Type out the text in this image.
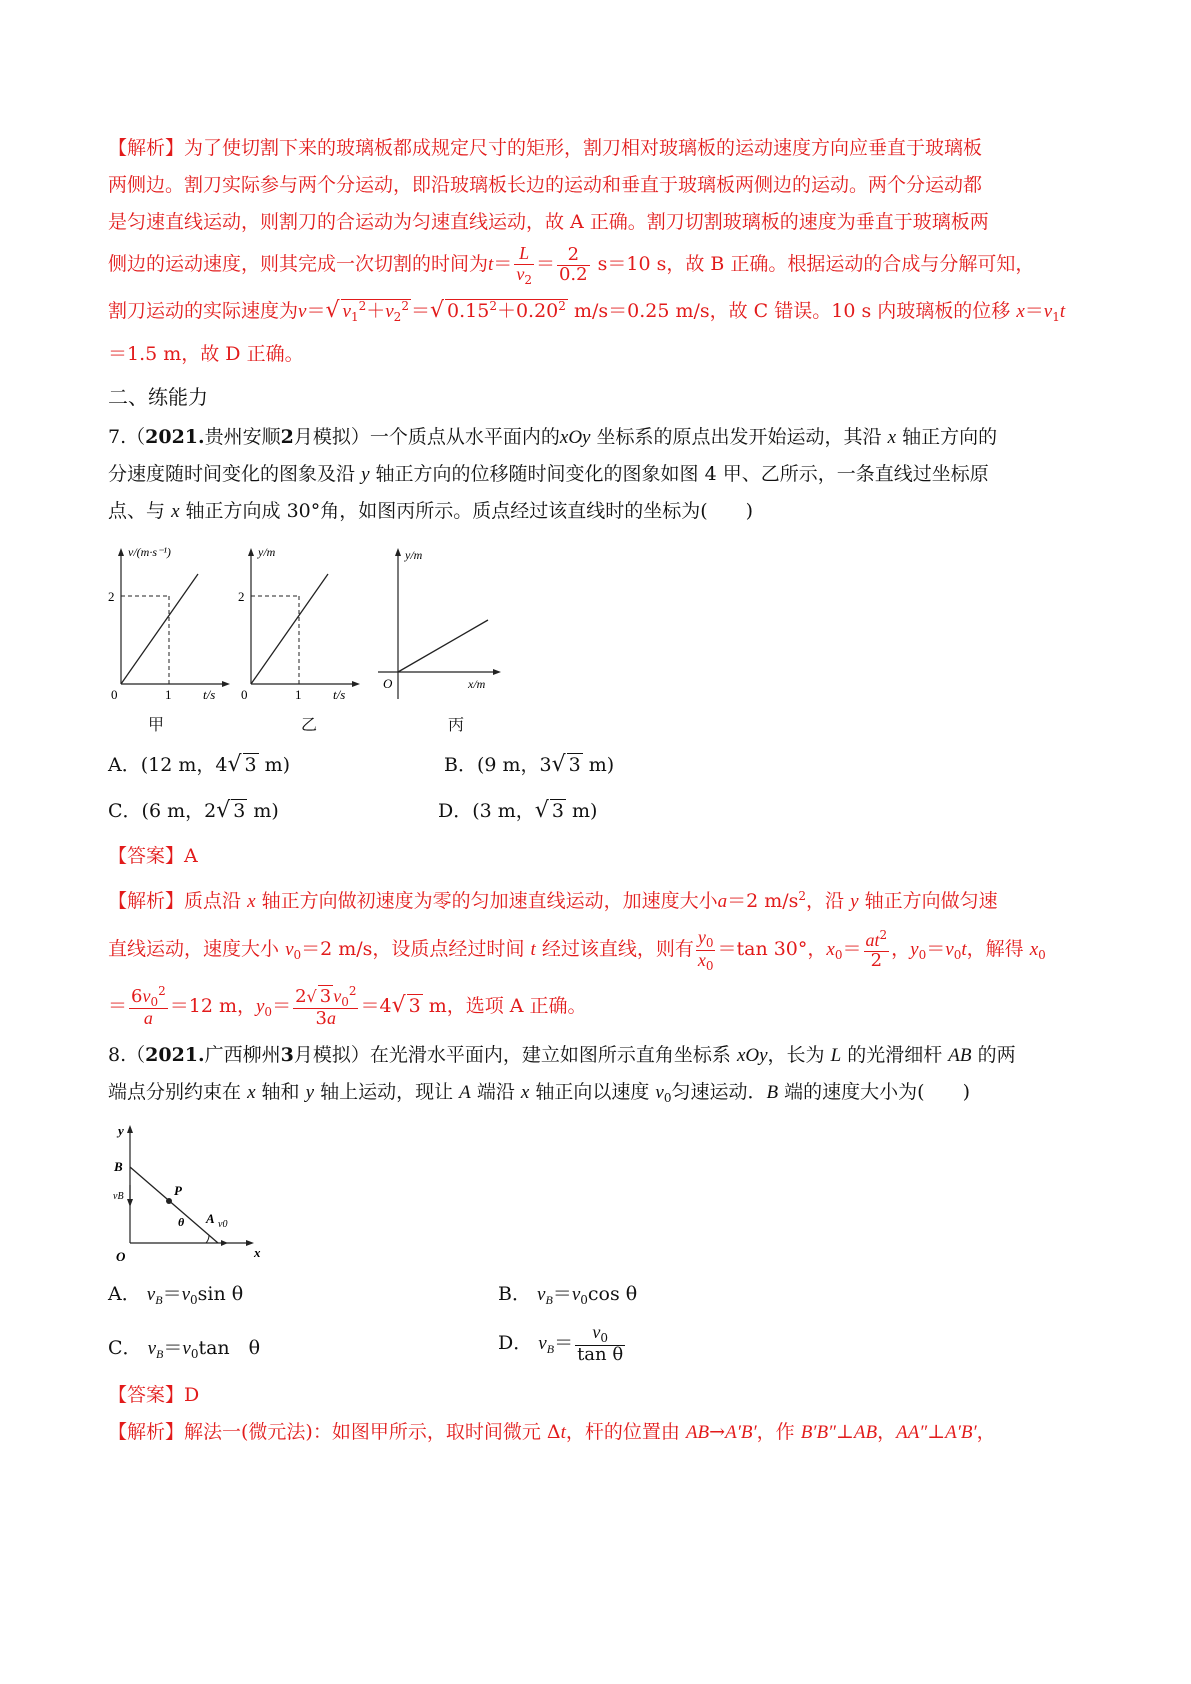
【解析】为了使切割下来的玻璃板都成规定尺寸的矩形，割刀相对玻璃板的运动速度方向应垂直于玻璃板

两侧边。割刀实际参与两个分运动，即沿玻璃板长边的运动和垂直于玻璃板两侧边的运动。两个分运动都

是匀速直线运动，则割刀的合运动为匀速直线运动，故 A 正确。割刀切割玻璃板的速度为垂直于玻璃板两

侧边的运动速度，则其完成一次切割的时间为$t= \frac{L}{v_2} = \frac{2}{0.2} s=10$ s，故 B 正确。根据运动的合成与分解可知，

割刀运动的实际速度为v＝√ $v_1^2+v_2^2$ ＝√ $0.15^2+0.20^2$ m/s＝0.25 m/s，故 C 错误。10 s 内玻璃板的位移 $x=v_1t$

＝1.5 m，故 D 正确。

二、练能力

7.（2021.贵州安顺2月模拟）一个质点从水平面内的xOy 坐标系的原点出发开始运动，其沿 x 轴正方向的

分速度随时间变化的图象及沿 y 轴正方向的位移随时间变化的图象如图 4 甲、乙所示，一条直线过坐标原

点、与 x 轴正方向成 30°角，如图丙所示。质点经过该直线时的坐标为(　　)

v/(m·s⁻¹)
2
0	1 t/s

甲
y/m
2
0	1 t/s

乙
y/m
O	x/m
丙
A．(12 m，4√ 3 m)	B．(9 m，3√ 3 m)
C．(6 m，2√ 3 m)	D．(3 m，√ 3 m)

【答案】A

【解析】质点沿 x 轴正方向做初速度为零的匀加速直线运动，加速度大小a＝2 $m/s^2$，沿 y 轴正方向做匀速

直线运动，速度大小 $v_0=2$ m/s，设质点经过时间 t 经过该直线，则有 $\frac{y_0}{x_0} =\tan$ 30°，$x_0= \frac{at^2}{2}$ ，$y_0=v_0t$，解得 $x_0$

＝ $\frac{6v_0^2}{a} =12$ m，$y_0= \frac{2√ 3 v_0^2}{3a} =4√$ 3 m，选项 A 正确。

8.（2021.广西柳州3月模拟）在光滑水平面内，建立如图所示直角坐标系 xOy，长为 L 的光滑细杆 AB 的两

端点分别约束在 x 轴和 y 轴上运动，现让 A 端沿 x 轴正向以速度 $v_0$匀速运动．B 端的速度大小为(　　)

y
x
O
B
vB	P
θ A v0
A． $v_B=v_0\sin$ θ	B． $v_B=v_0\cos$ θ
C． $v_B=v_0\tan$　θ	D． $v_B= \frac{v_0}{\text{tan θ}}$

【答案】D

【解析】解法一(微元法)：如图甲所示，取时间微元 Δt，杆的位置由 AB→A′B′，作 B′B″⊥AB，AA″⊥A′B′，
